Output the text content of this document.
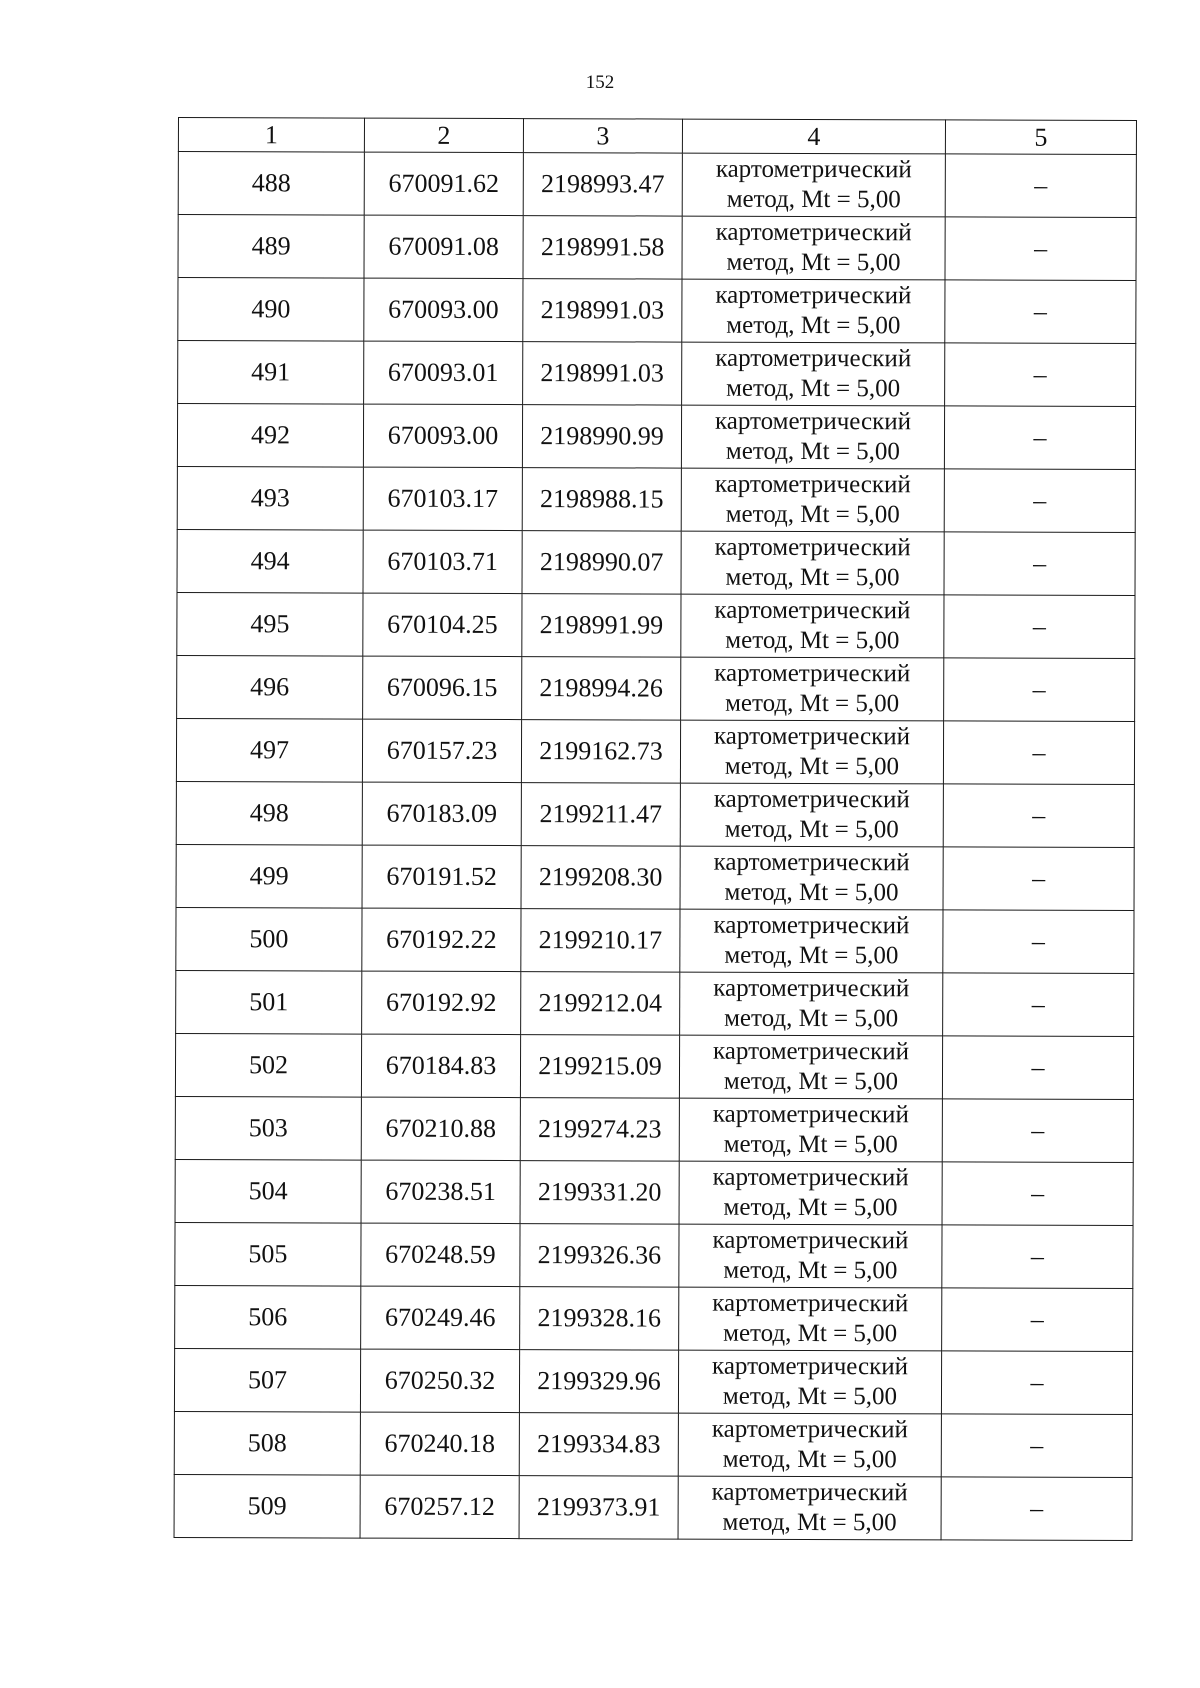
152
1	2	3	4	5
488	670091.62	2198993.47	картометрический
метод, Mt = 5,00	–
489	670091.08	2198991.58	картометрический
метод, Mt = 5,00	–
490	670093.00	2198991.03	картометрический
метод, Mt = 5,00	–
491	670093.01	2198991.03	картометрический
метод, Mt = 5,00	–
492	670093.00	2198990.99	картометрический
метод, Mt = 5,00	–
493	670103.17	2198988.15	картометрический
метод, Mt = 5,00	–
494	670103.71	2198990.07	картометрический
метод, Mt = 5,00	–
495	670104.25	2198991.99	картометрический
метод, Mt = 5,00	–
496	670096.15	2198994.26	картометрический
метод, Mt = 5,00	–
497	670157.23	2199162.73	картометрический
метод, Mt = 5,00	–
498	670183.09	2199211.47	картометрический
метод, Mt = 5,00	–
499	670191.52	2199208.30	картометрический
метод, Mt = 5,00	–
500	670192.22	2199210.17	картометрический
метод, Mt = 5,00	–
501	670192.92	2199212.04	картометрический
метод, Mt = 5,00	–
502	670184.83	2199215.09	картометрический
метод, Mt = 5,00	–
503	670210.88	2199274.23	картометрический
метод, Mt = 5,00	–
504	670238.51	2199331.20	картометрический
метод, Mt = 5,00	–
505	670248.59	2199326.36	картометрический
метод, Mt = 5,00	–
506	670249.46	2199328.16	картометрический
метод, Mt = 5,00	–
507	670250.32	2199329.96	картометрический
метод, Mt = 5,00	–
508	670240.18	2199334.83	картометрический
метод, Mt = 5,00	–
509	670257.12	2199373.91	картометрический
метод, Mt = 5,00	–
